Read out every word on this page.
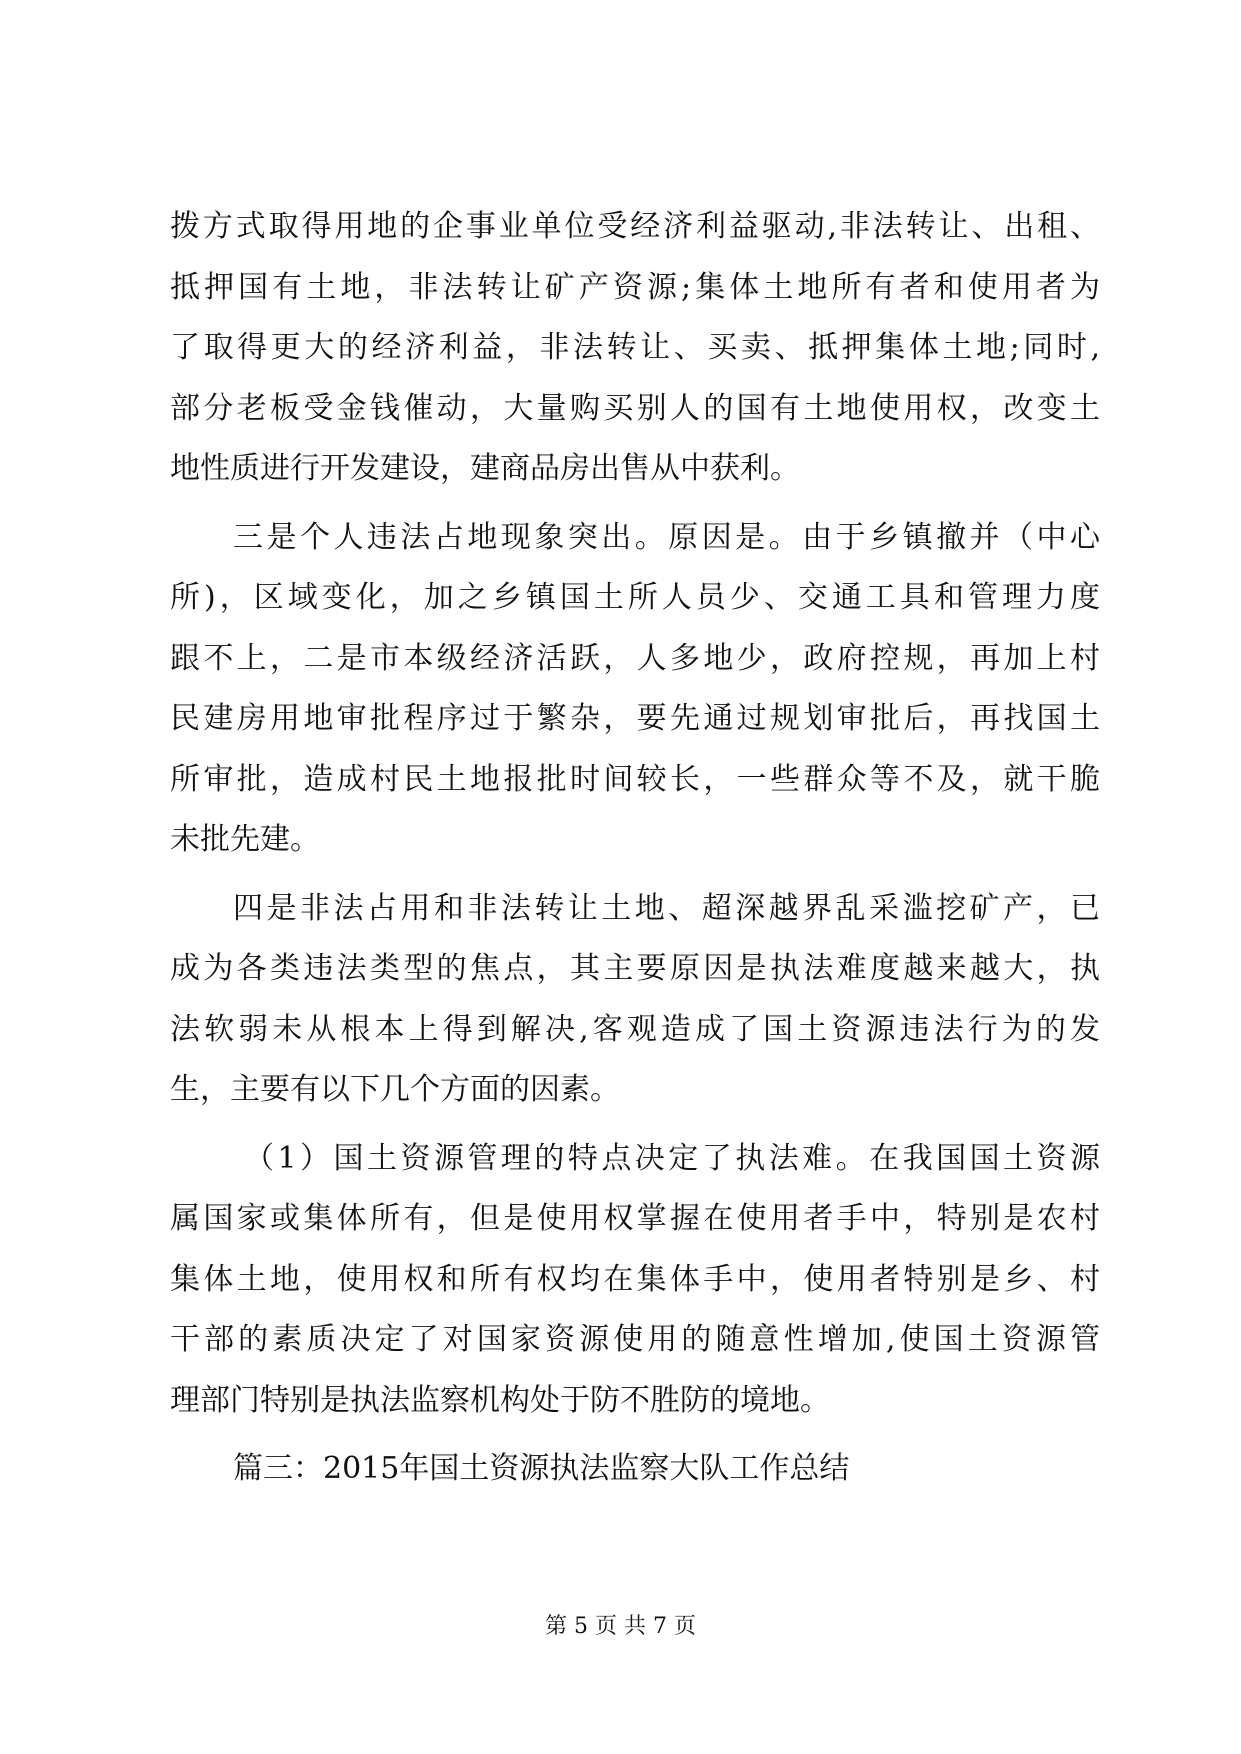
拨方式取得用地的企事业单位受经济利益驱动,非法转让、出租、
抵押国有土地，非法转让矿产资源;集体土地所有者和使用者为
了取得更大的经济利益，非法转让、买卖、抵押集体土地;同时,
部分老板受金钱催动，大量购买别人的国有土地使用权，改变土
地性质进行开发建设，建商品房出售从中获利。
三是个人违法占地现象突出。原因是。由于乡镇撤并（中心
所)，区域变化，加之乡镇国土所人员少、交通工具和管理力度
跟不上，二是市本级经济活跃，人多地少，政府控规，再加上村
民建房用地审批程序过于繁杂，要先通过规划审批后，再找国土
所审批，造成村民土地报批时间较长，一些群众等不及，就干脆
未批先建。
四是非法占用和非法转让土地、超深越界乱采滥挖矿产，已
成为各类违法类型的焦点，其主要原因是执法难度越来越大，执
法软弱未从根本上得到解决,客观造成了国土资源违法行为的发
生，主要有以下几个方面的因素。
（1）国土资源管理的特点决定了执法难。在我国国土资源
属国家或集体所有，但是使用权掌握在使用者手中，特别是农村
集体土地，使用权和所有权均在集体手中，使用者特别是乡、村
干部的素质决定了对国家资源使用的随意性增加,使国土资源管
理部门特别是执法监察机构处于防不胜防的境地。
篇三：2015年国土资源执法监察大队工作总结
第 5 页 共 7 页
